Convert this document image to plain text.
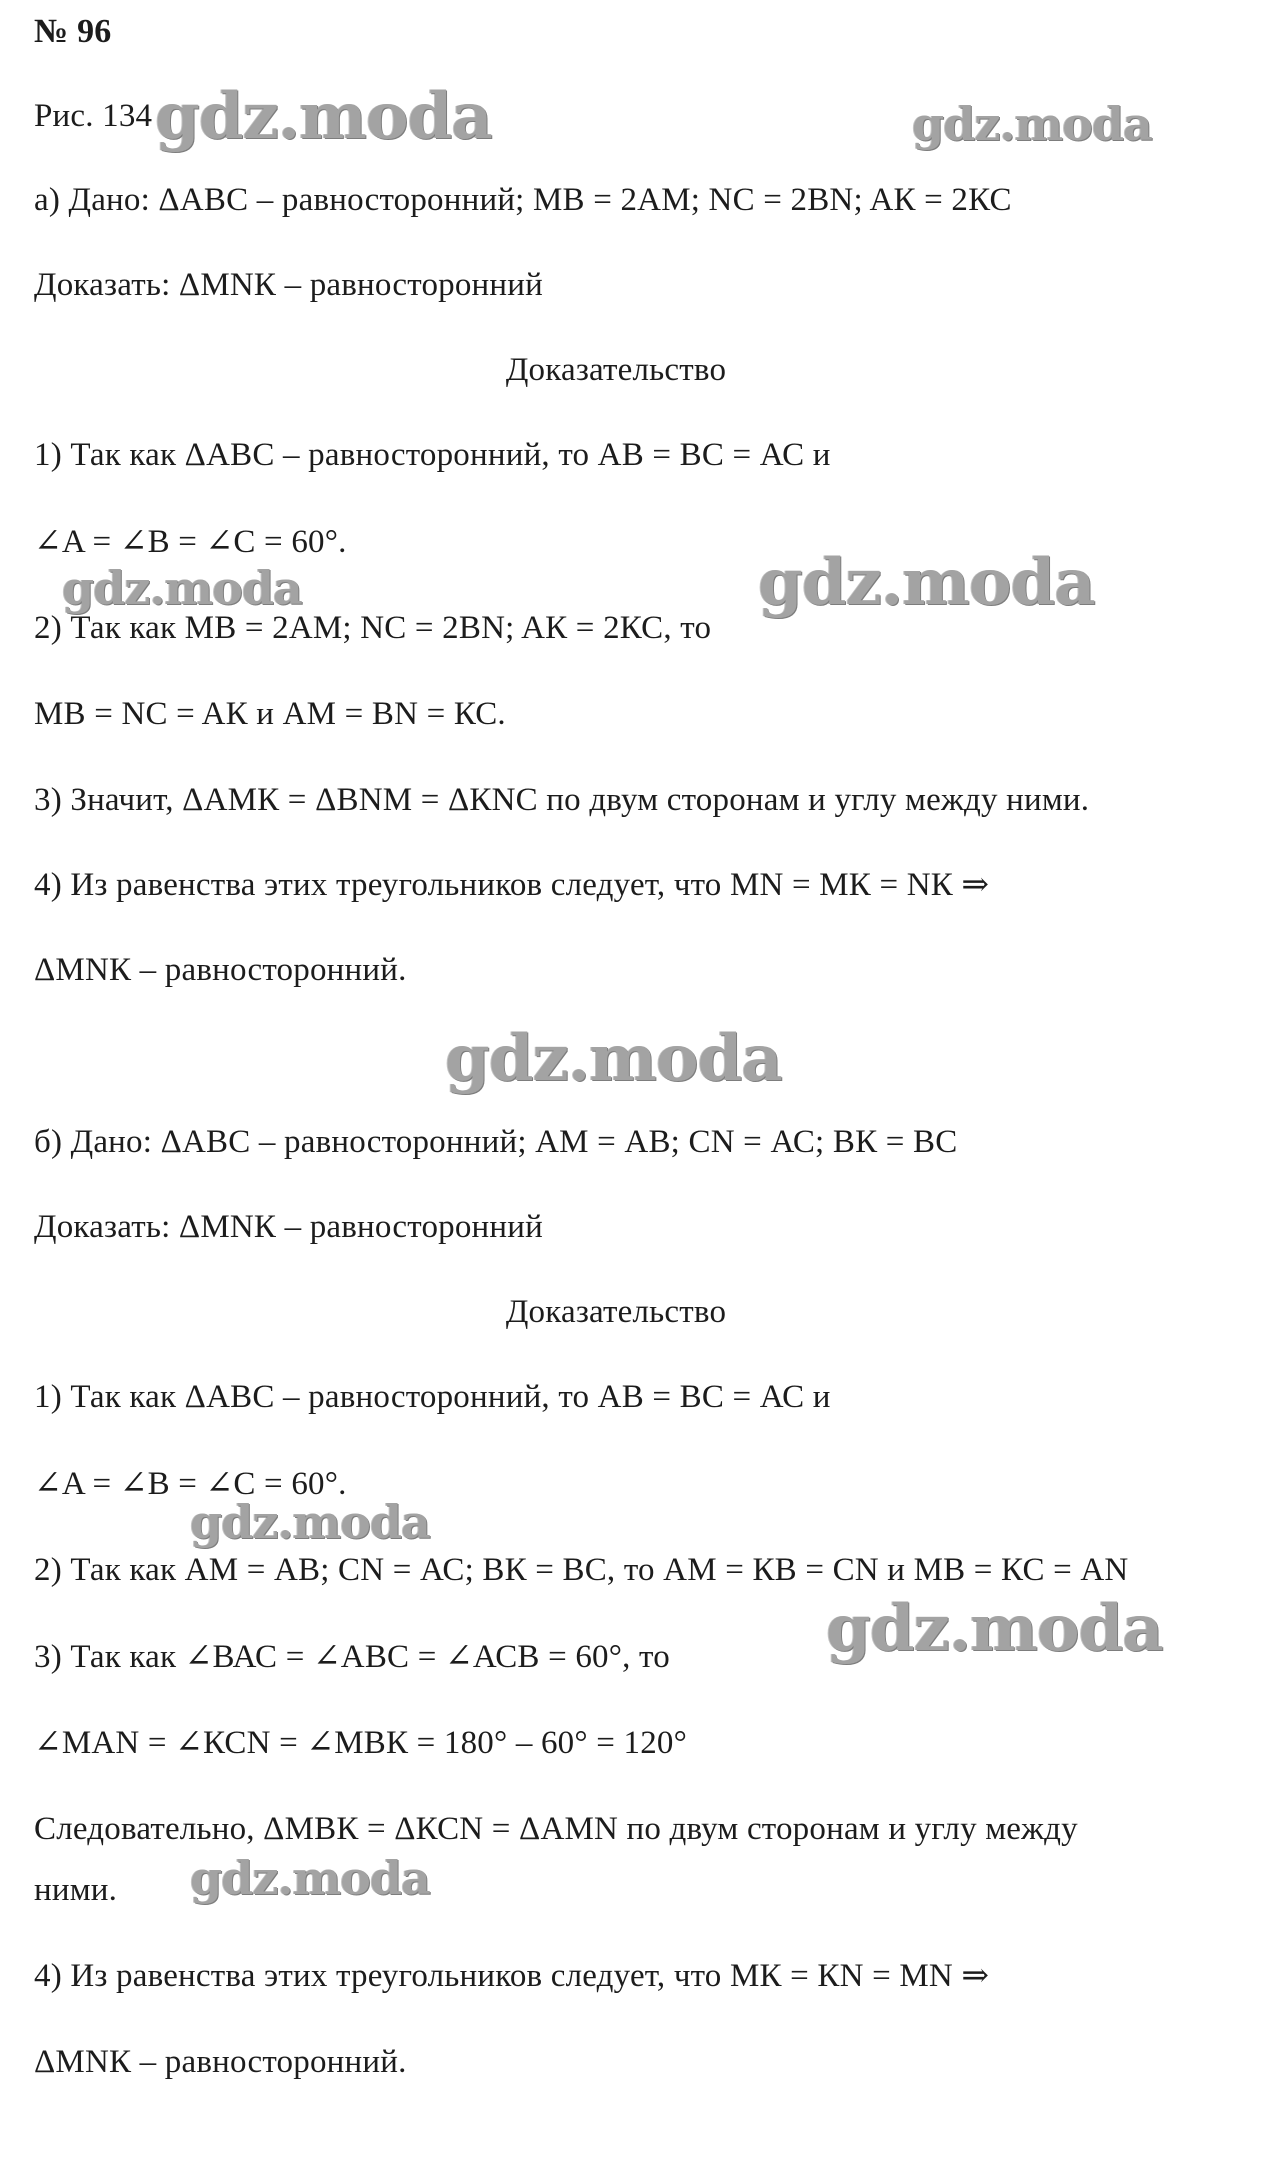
№ 96
Рис. 134
а) Дано: ΔАВС – равносторонний; МВ = 2АМ; NC = 2BN; AК = 2КС
Доказать: ΔMNК – равносторонний
Доказательство
1) Так как ΔАВС – равносторонний, то АВ = ВС = АС и
∠A = ∠B = ∠C = 60°.
2) Так как МВ = 2АМ; NC = 2BN; AК = 2КС, то
MB = NC = AК и AM = BN = КС.
3) Значит, ΔАМК = ΔBNM = ΔКNC по двум сторонам и углу между ними.
4) Из равенства этих треугольников следует, что MN = МК = NК ⇒
ΔMNК – равносторонний.
б) Дано: ΔАВС – равносторонний; АМ = АВ; CN = АС; ВК = ВС
Доказать: ΔMNК – равносторонний
Доказательство
1) Так как ΔАВС – равносторонний, то АВ = ВС = АС и
∠A = ∠B = ∠C = 60°.
2) Так как АМ = АВ; CN = АС; ВК = ВС, то АМ = КВ = CN и МВ = КС = AN
3) Так как ∠ВАС = ∠АВС = ∠АСВ = 60°, то
∠МАN = ∠КСN = ∠МВК = 180° – 60° = 120°
Следовательно, ΔМВК = ΔКСN = ΔАМN по двум сторонам и углу между
ними.
4) Из равенства этих треугольников следует, что МК = КN = MN ⇒
ΔMNК – равносторонний.
gdz.moda	gdz.moda
gdz.moda	gdz.moda
gdz.moda
gdz.moda
gdz.moda
gdz.moda
